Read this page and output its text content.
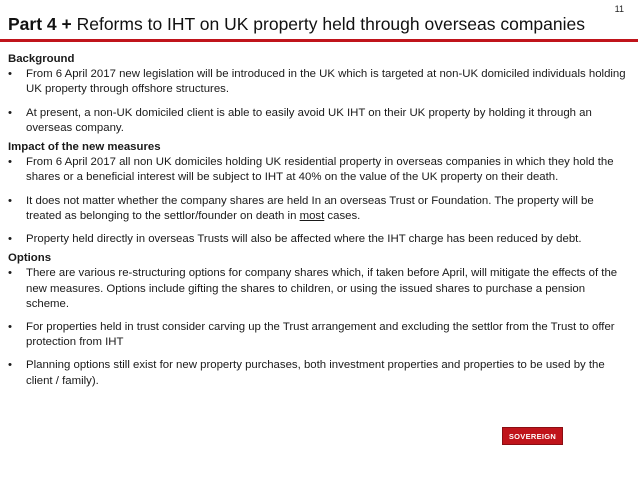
11
Part 4 + Reforms to IHT on UK property held through overseas companies

Background

•	From 6 April 2017 new legislation will be introduced in the UK which is targeted at non-UK domiciled individuals holding UK property through offshore structures.
•	At present, a non-UK domiciled client is able to easily avoid UK IHT on their UK property by holding it through an overseas company.

Impact of the new measures

•	From 6 April 2017 all non UK domiciles holding UK residential property in overseas companies in which they hold the shares or a beneficial interest will be subject to IHT at 40% on the value of the UK property on their death.
•	It does not matter whether the company shares are held In an overseas Trust or Foundation. The property will be treated as belonging to the settlor/founder on death in most cases.
•	Property held directly in overseas Trusts will also be affected where the IHT charge has been reduced by debt.

Options

•	There are various re-structuring options for company shares which, if taken before April, will mitigate the effects of the new measures. Options include gifting the shares to children, or using the issued shares to purchase a pension scheme.
•	For properties held in trust consider carving up the Trust arrangement and excluding the settlor from the Trust to offer protection from IHT
•	Planning options still exist for new property purchases, both investment properties and properties to be used by the client / family).
SOVEREIGN
